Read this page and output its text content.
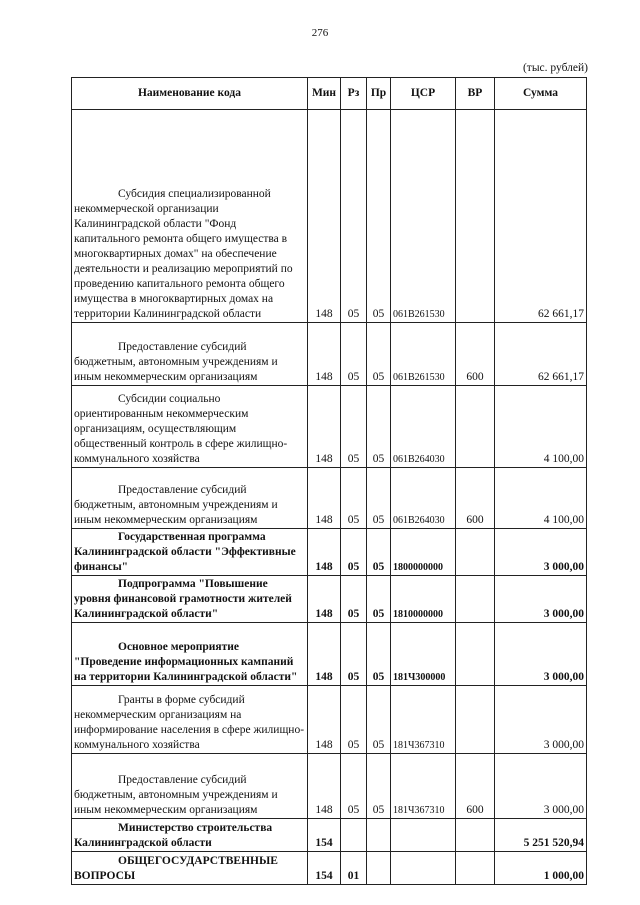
276
(тыс. рублей)
Наименование кода	Мин	Рз	Пр	ЦСР	ВР	Сумма

Субсидия специализированной
некоммерческой организации Калининградской области "Фонд капитального ремонта общего имущества в многоквартирных домах" на обеспечение деятельности и реализацию мероприятий по проведению капитального ремонта общего имущества в многоквартирных домах на территории Калининградской области	148	05	05	061В261530		62 661,17

Предоставление субсидий
бюджетным, автономным учреждениям и иным некоммерческим организациям	148	05	05	061В261530	600	62 661,17

Субсидии социально
ориентированным некоммерческим организациям, осуществляющим общественный контроль в сфере жилищно-коммунального хозяйства	148	05	05	061В264030		4 100,00

Предоставление субсидий
бюджетным, автономным учреждениям и иным некоммерческим организациям	148	05	05	061В264030	600	4 100,00

Государственная программа
Калининградской области "Эффективные финансы"	148	05	05	1800000000		3 000,00

Подпрограмма "Повышение
уровня финансовой грамотности жителей Калининградской области"	148	05	05	1810000000		3 000,00

Основное мероприятие
"Проведение информационных кампаний на территории Калининградской области"	148	05	05	181Ч300000		3 000,00

Гранты в форме субсидий
некоммерческим организациям на информирование населения в сфере жилищно-коммунального хозяйства	148	05	05	181Ч367310		3 000,00

Предоставление субсидий
бюджетным, автономным учреждениям и иным некоммерческим организациям	148	05	05	181Ч367310	600	3 000,00

Министерство строительства
Калининградской области	154					5 251 520,94

ОБЩЕГОСУДАРСТВЕННЫЕ
ВОПРОСЫ	154	01				1 000,00
